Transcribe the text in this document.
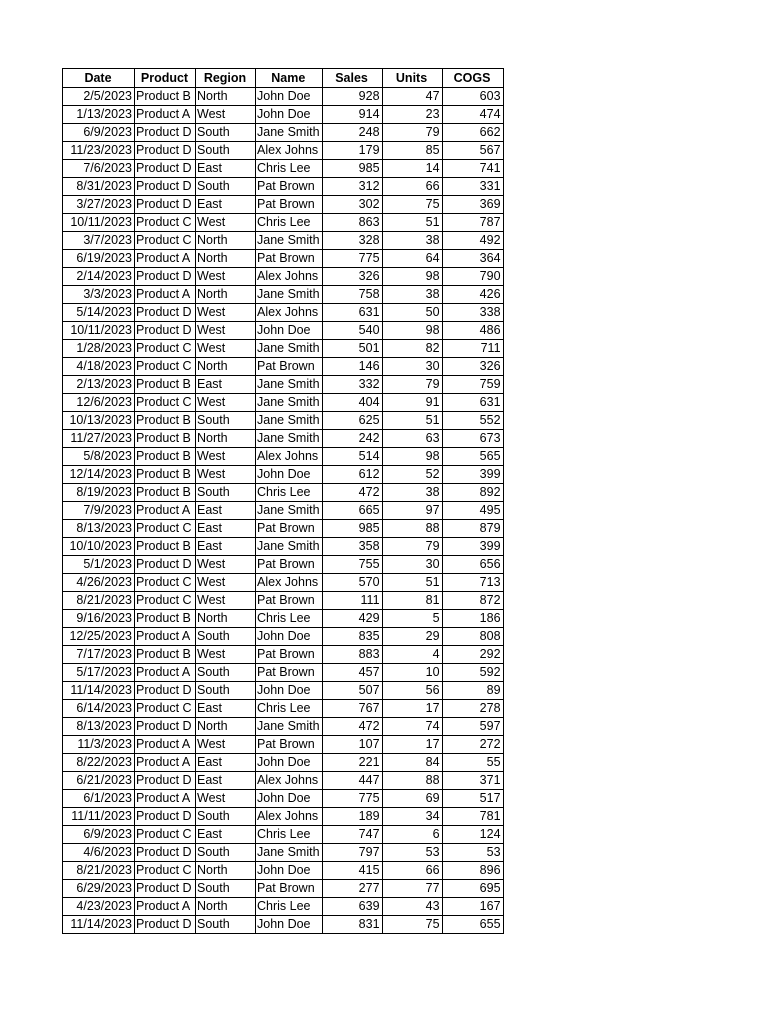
Date	Product	Region	Name	Sales	Units	COGS
2/5/2023	Product B	North	John Doe	928	47	603
1/13/2023	Product A	West	John Doe	914	23	474
6/9/2023	Product D	South	Jane Smith	248	79	662
11/23/2023	Product D	South	Alex Johns	179	85	567
7/6/2023	Product D	East	Chris Lee	985	14	741
8/31/2023	Product D	South	Pat Brown	312	66	331
3/27/2023	Product D	East	Pat Brown	302	75	369
10/11/2023	Product C	West	Chris Lee	863	51	787
3/7/2023	Product C	North	Jane Smith	328	38	492
6/19/2023	Product A	North	Pat Brown	775	64	364
2/14/2023	Product D	West	Alex Johns	326	98	790
3/3/2023	Product A	North	Jane Smith	758	38	426
5/14/2023	Product D	West	Alex Johns	631	50	338
10/11/2023	Product D	West	John Doe	540	98	486
1/28/2023	Product C	West	Jane Smith	501	82	711
4/18/2023	Product C	North	Pat Brown	146	30	326
2/13/2023	Product B	East	Jane Smith	332	79	759
12/6/2023	Product C	West	Jane Smith	404	91	631
10/13/2023	Product B	South	Jane Smith	625	51	552
11/27/2023	Product B	North	Jane Smith	242	63	673
5/8/2023	Product B	West	Alex Johns	514	98	565
12/14/2023	Product B	West	John Doe	612	52	399
8/19/2023	Product B	South	Chris Lee	472	38	892
7/9/2023	Product A	East	Jane Smith	665	97	495
8/13/2023	Product C	East	Pat Brown	985	88	879
10/10/2023	Product B	East	Jane Smith	358	79	399
5/1/2023	Product D	West	Pat Brown	755	30	656
4/26/2023	Product C	West	Alex Johns	570	51	713
8/21/2023	Product C	West	Pat Brown	111	81	872
9/16/2023	Product B	North	Chris Lee	429	5	186
12/25/2023	Product A	South	John Doe	835	29	808
7/17/2023	Product B	West	Pat Brown	883	4	292
5/17/2023	Product A	South	Pat Brown	457	10	592
11/14/2023	Product D	South	John Doe	507	56	89
6/14/2023	Product C	East	Chris Lee	767	17	278
8/13/2023	Product D	North	Jane Smith	472	74	597
11/3/2023	Product A	West	Pat Brown	107	17	272
8/22/2023	Product A	East	John Doe	221	84	55
6/21/2023	Product D	East	Alex Johns	447	88	371
6/1/2023	Product A	West	John Doe	775	69	517
11/11/2023	Product D	South	Alex Johns	189	34	781
6/9/2023	Product C	East	Chris Lee	747	6	124
4/6/2023	Product D	South	Jane Smith	797	53	53
8/21/2023	Product C	North	John Doe	415	66	896
6/29/2023	Product D	South	Pat Brown	277	77	695
4/23/2023	Product A	North	Chris Lee	639	43	167
11/14/2023	Product D	South	John Doe	831	75	655
